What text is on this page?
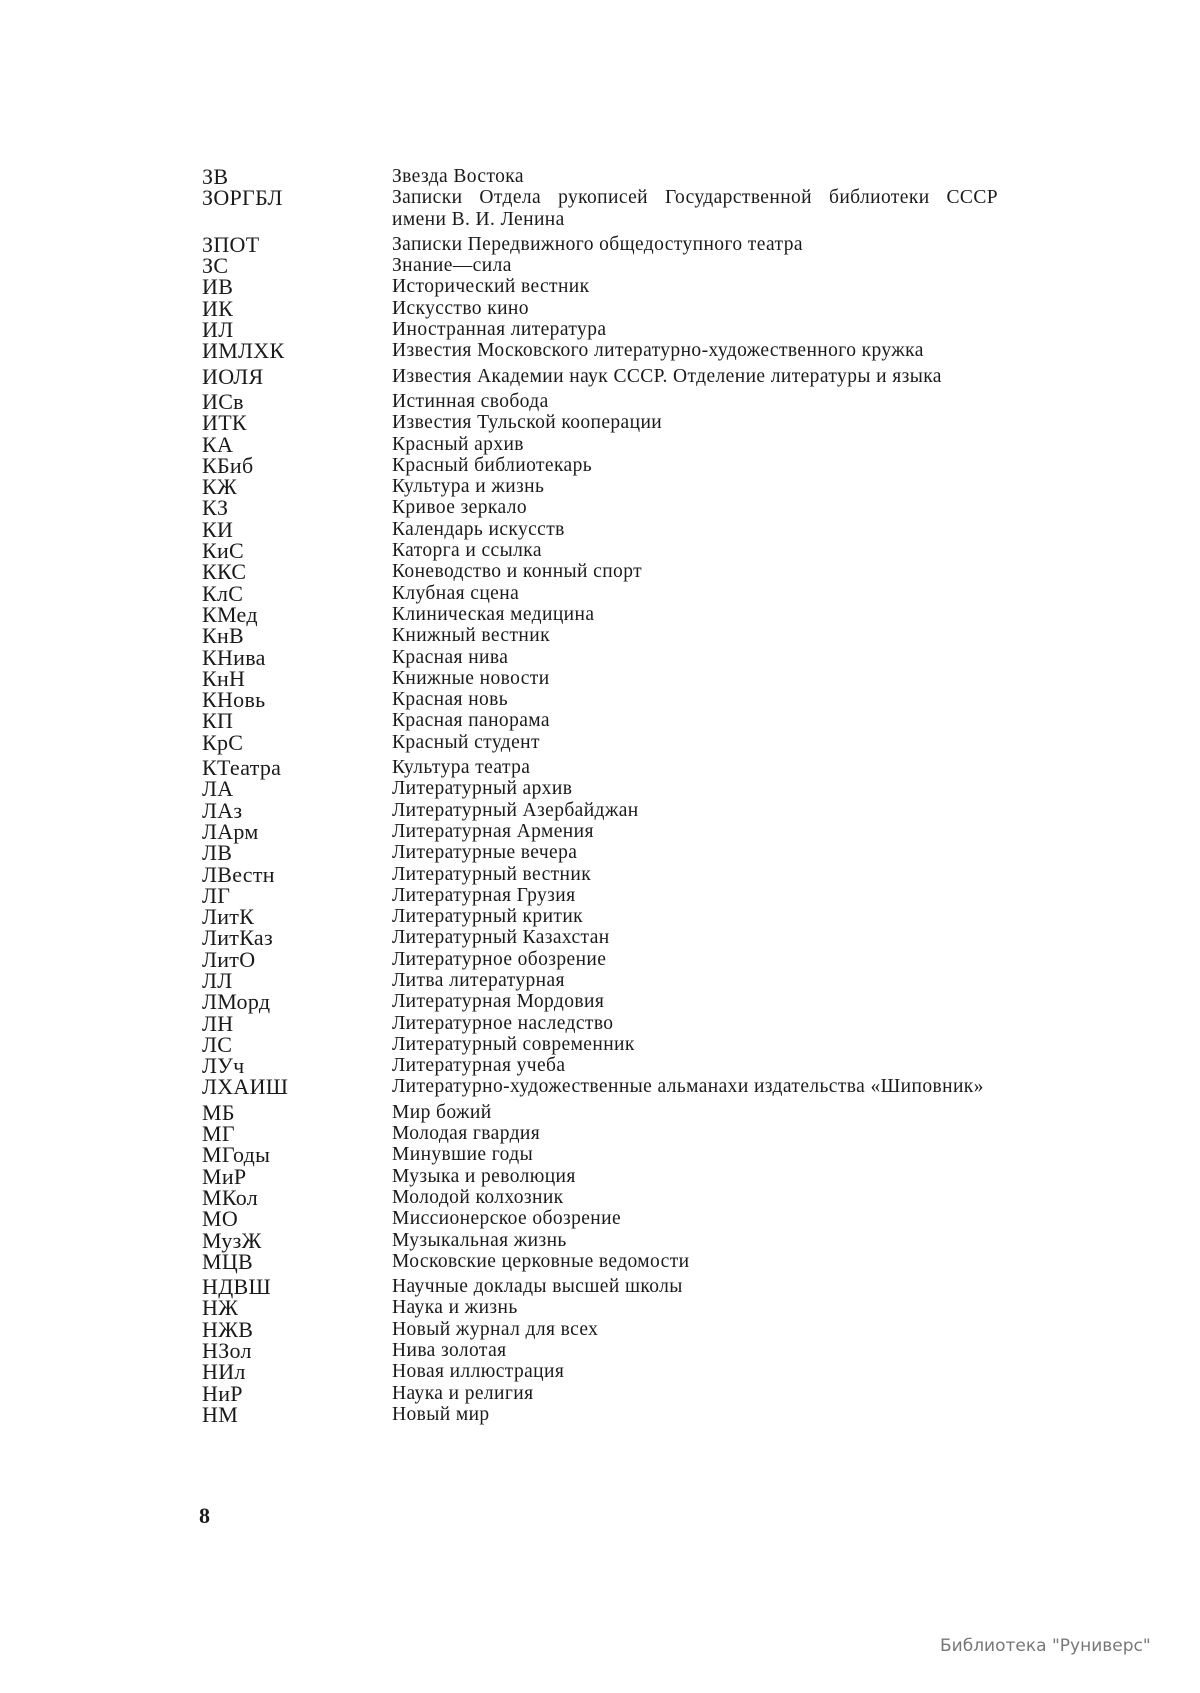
ЗВ	Звезда Востока
ЗОРГБЛ	Записки Отдела рукописей Государственной библиотеки СССР имени В. И. Ленина
ЗПОТ	Записки Передвижного общедоступного театра
ЗС	Знание—сила
ИВ	Исторический вестник
ИК	Искусство кино
ИЛ	Иностранная литература
ИМЛХК	Известия Московского литературно-художественного кружка
ИОЛЯ	Известия Академии наук СССР. Отделение литературы и языка
ИСв	Истинная свобода
ИТК	Известия Тульской кооперации
КА	Красный архив
КБиб	Красный библиотекарь
КЖ	Культура и жизнь
КЗ	Кривое зеркало
КИ	Календарь искусств
КиС	Каторга и ссылка
ККС	Коневодство и конный спорт
КлС	Клубная сцена
КМед	Клиническая медицина
КнВ	Книжный вестник
КНива	Красная нива
КнН	Книжные новости
КНовь	Красная новь
КП	Красная панорама
КрС	Красный студент
КТеатра	Культура театра
ЛА	Литературный архив
ЛАз	Литературный Азербайджан
ЛАрм	Литературная Армения
ЛВ	Литературные вечера
ЛВестн	Литературный вестник
ЛГ	Литературная Грузия
ЛитК	Литературный критик
ЛитКаз	Литературный Казахстан
ЛитО	Литературное обозрение
ЛЛ	Литва литературная
ЛМорд	Литературная Мордовия
ЛН	Литературное наследство
ЛС	Литературный современник
ЛУч	Литературная учеба
ЛХАИШ	Литературно-художественные альманахи издательства «Шиповник»
МБ	Мир божий
МГ	Молодая гвардия
МГоды	Минувшие годы
МиР	Музыка и революция
МКол	Молодой колхозник
МО	Миссионерское обозрение
МузЖ	Музыкальная жизнь
МЦВ	Московские церковные ведомости
НДВШ	Научные доклады высшей школы
НЖ	Наука и жизнь
НЖВ	Новый журнал для всех
НЗол	Нива золотая
НИл	Новая иллюстрация
НиР	Наука и религия
НМ	Новый мир
8
Библиотека "Руниверс"
